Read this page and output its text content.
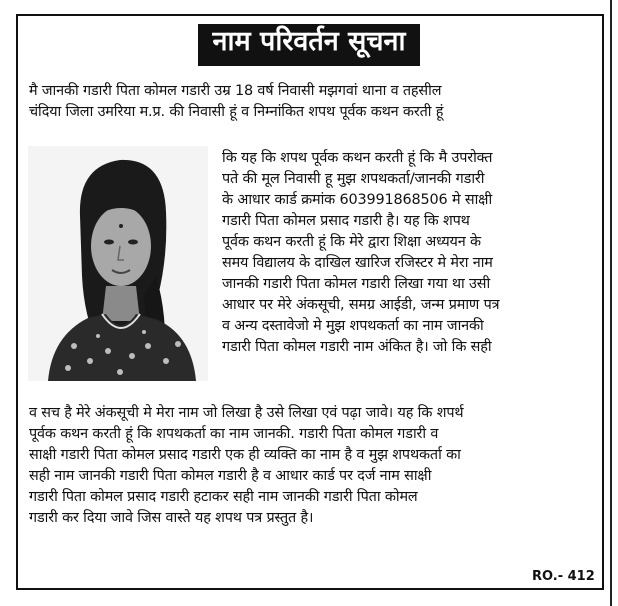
नाम परिवर्तन सूचना
मै जानकी गडारी पिता कोमल गडारी उम्र 18 वर्ष निवासी मझगवां थाना व तहसील
चंदिया जिला उमरिया म.प्र. की निवासी हूं व निम्नांकित शपथ पूर्वक कथन करती हूं
कि यह कि शपथ पूर्वक कथन करती हूं कि मै उपरोक्त
पते की मूल निवासी हू मुझ शपथकर्ता/जानकी गडारी
के आधार कार्ड क्रमांक 603991868506 मे साक्षी
गडारी पिता कोमल प्रसाद गडारी है। यह कि शपथ
पूर्वक कथन करती हूं कि मेरे द्वारा शिक्षा अध्ययन के
समय विद्यालय के दाखिल खारिज रजिस्टर मे मेरा नाम
जानकी गडारी पिता कोमल गडारी लिखा गया था उसी
आधार पर मेरे अंकसूची, समग्र आईडी, जन्म प्रमाण पत्र
व अन्य दस्तावेजो मे मुझ शपथकर्ता का नाम जानकी
गडारी पिता कोमल गडारी नाम अंकित है। जो कि सही
व सच है मेरे अंकसूची मे मेरा नाम जो लिखा है उसे लिखा एवं पढ़ा जावे। यह कि शपर्थ
पूर्वक कथन करती हूं कि शपथकर्ता का नाम जानकी. गडारी पिता कोमल गडारी व
साक्षी गडारी पिता कोमल प्रसाद गडारी एक ही व्यक्ति का नाम है व मुझ शपथकर्ता का
सही नाम जानकी गडारी पिता कोमल गडारी है व आधार कार्ड पर दर्ज नाम साक्षी
गडारी पिता कोमल प्रसाद गडारी हटाकर सही नाम जानकी गडारी पिता कोमल
गडारी कर दिया जावे जिस वास्ते यह शपथ पत्र प्रस्तुत है।
RO.- 412
